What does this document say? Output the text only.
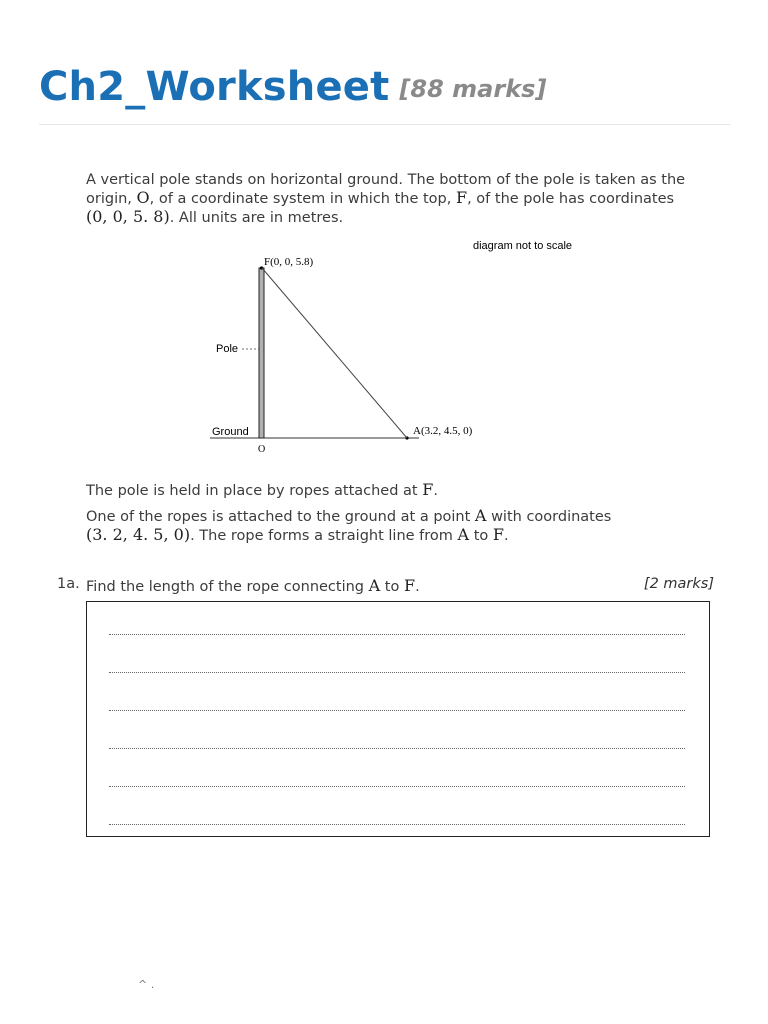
Ch2_Worksheet [88 marks]
A vertical pole stands on horizontal ground. The bottom of the pole is taken as the origin, O, of a coordinate system in which the top, F, of the pole has coordinates
(0, 0, 5. 8). All units are in metres.
diagram not to scale
F(0, 0, 5.8)
Pole
Ground
O
A(3.2, 4.5, 0)
The pole is held in place by ropes attached at F.
One of the ropes is attached to the ground at a point A with coordinates
(3. 2, 4. 5, 0). The rope forms a straight line from A to F.
1a. Find the length of the rope connecting A to F.	[2 marks]
^ .
